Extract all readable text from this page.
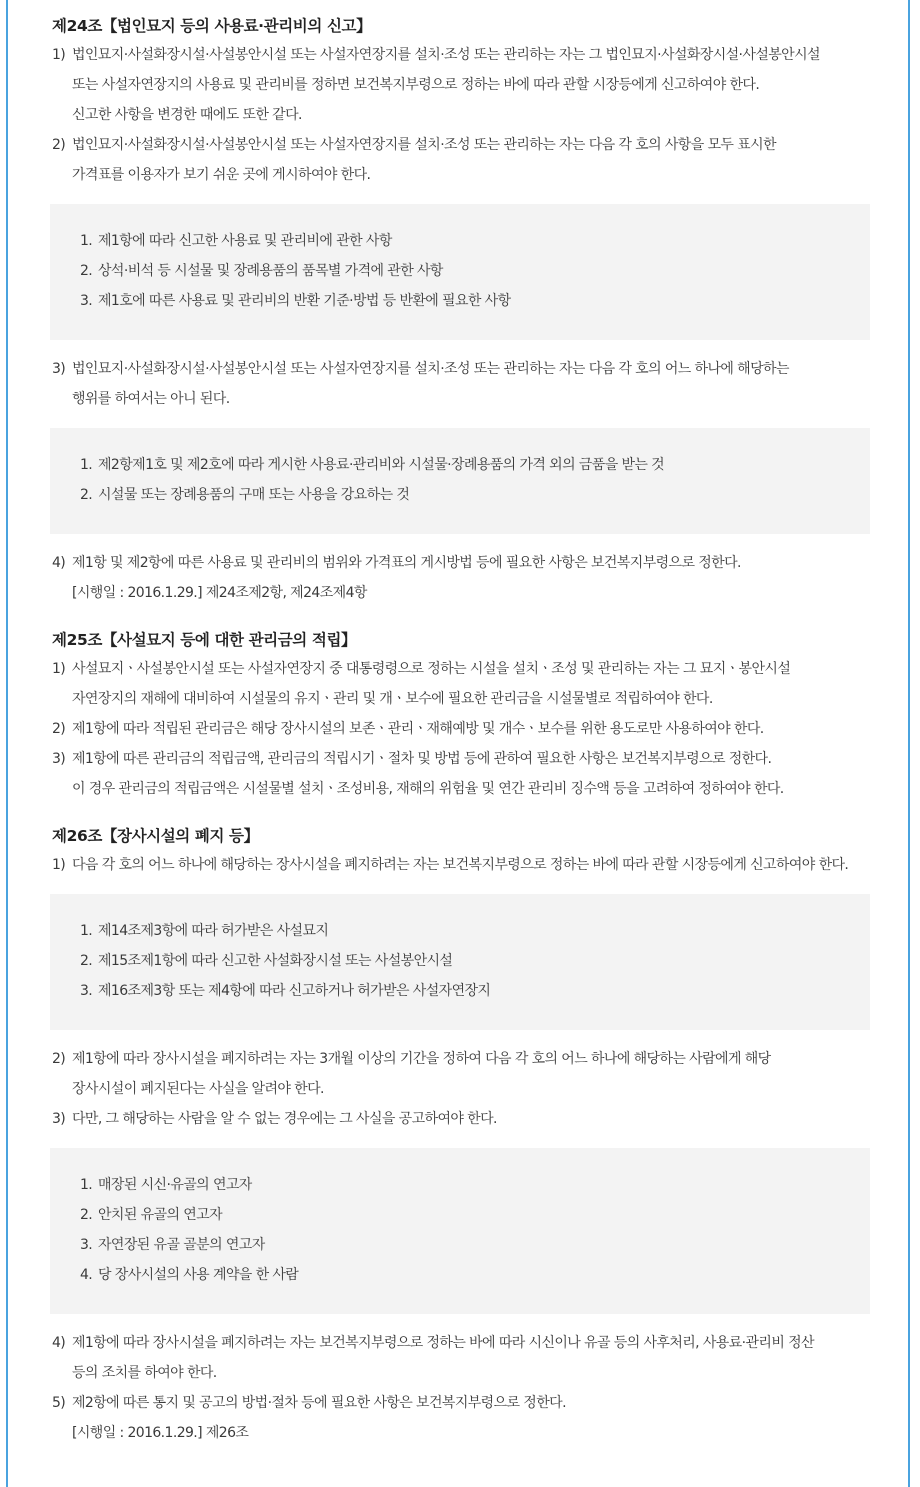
제24조【법인묘지 등의 사용료·관리비의 신고】
1) 법인묘지·사설화장시설·사설봉안시설 또는 사설자연장지를 설치·조성 또는 관리하는 자는 그 법인묘지·사설화장시설·사설봉안시설
또는 사설자연장지의 사용료 및 관리비를 정하면 보건복지부령으로 정하는 바에 따라 관할 시장등에게 신고하여야 한다.
신고한 사항을 변경한 때에도 또한 같다.
2) 법인묘지·사설화장시설·사설봉안시설 또는 사설자연장지를 설치·조성 또는 관리하는 자는 다음 각 호의 사항을 모두 표시한
가격표를 이용자가 보기 쉬운 곳에 게시하여야 한다.
1. 제1항에 따라 신고한 사용료 및 관리비에 관한 사항
2. 상석·비석 등 시설물 및 장례용품의 품목별 가격에 관한 사항
3. 제1호에 따른 사용료 및 관리비의 반환 기준·방법 등 반환에 필요한 사항
3) 법인묘지·사설화장시설·사설봉안시설 또는 사설자연장지를 설치·조성 또는 관리하는 자는 다음 각 호의 어느 하나에 해당하는
행위를 하여서는 아니 된다.
1. 제2항제1호 및 제2호에 따라 게시한 사용료·관리비와 시설물·장례용품의 가격 외의 금품을 받는 것
2. 시설물 또는 장례용품의 구매 또는 사용을 강요하는 것
4) 제1항 및 제2항에 따른 사용료 및 관리비의 범위와 가격표의 게시방법 등에 필요한 사항은 보건복지부령으로 정한다.
[시행일 : 2016.1.29.] 제24조제2항, 제24조제4항
제25조【사설묘지 등에 대한 관리금의 적립】
1) 사설묘지ㆍ사설봉안시설 또는 사설자연장지 중 대통령령으로 정하는 시설을 설치ㆍ조성 및 관리하는 자는 그 묘지ㆍ봉안시설
자연장지의 재해에 대비하여 시설물의 유지ㆍ관리 및 개ㆍ보수에 필요한 관리금을 시설물별로 적립하여야 한다.
2) 제1항에 따라 적립된 관리금은 해당 장사시설의 보존ㆍ관리ㆍ재해예방 및 개수ㆍ보수를 위한 용도로만 사용하여야 한다.
3) 제1항에 따른 관리금의 적립금액, 관리금의 적립시기ㆍ절차 및 방법 등에 관하여 필요한 사항은 보건복지부령으로 정한다.
이 경우 관리금의 적립금액은 시설물별 설치ㆍ조성비용, 재해의 위험율 및 연간 관리비 징수액 등을 고려하여 정하여야 한다.
제26조【장사시설의 폐지 등】
1) 다음 각 호의 어느 하나에 해당하는 장사시설을 폐지하려는 자는 보건복지부령으로 정하는 바에 따라 관할 시장등에게 신고하여야 한다.
1. 제14조제3항에 따라 허가받은 사설묘지
2. 제15조제1항에 따라 신고한 사설화장시설 또는 사설봉안시설
3. 제16조제3항 또는 제4항에 따라 신고하거나 허가받은 사설자연장지
2) 제1항에 따라 장사시설을 폐지하려는 자는 3개월 이상의 기간을 정하여 다음 각 호의 어느 하나에 해당하는 사람에게 해당
장사시설이 폐지된다는 사실을 알려야 한다.
3) 다만, 그 해당하는 사람을 알 수 없는 경우에는 그 사실을 공고하여야 한다.
1. 매장된 시신·유골의 연고자
2. 안치된 유골의 연고자
3. 자연장된 유골 골분의 연고자
4. 당 장사시설의 사용 계약을 한 사람
4) 제1항에 따라 장사시설을 폐지하려는 자는 보건복지부령으로 정하는 바에 따라 시신이나 유골 등의 사후처리, 사용료·관리비 정산
등의 조치를 하여야 한다.
5) 제2항에 따른 통지 및 공고의 방법·절차 등에 필요한 사항은 보건복지부령으로 정한다.
[시행일 : 2016.1.29.] 제26조
